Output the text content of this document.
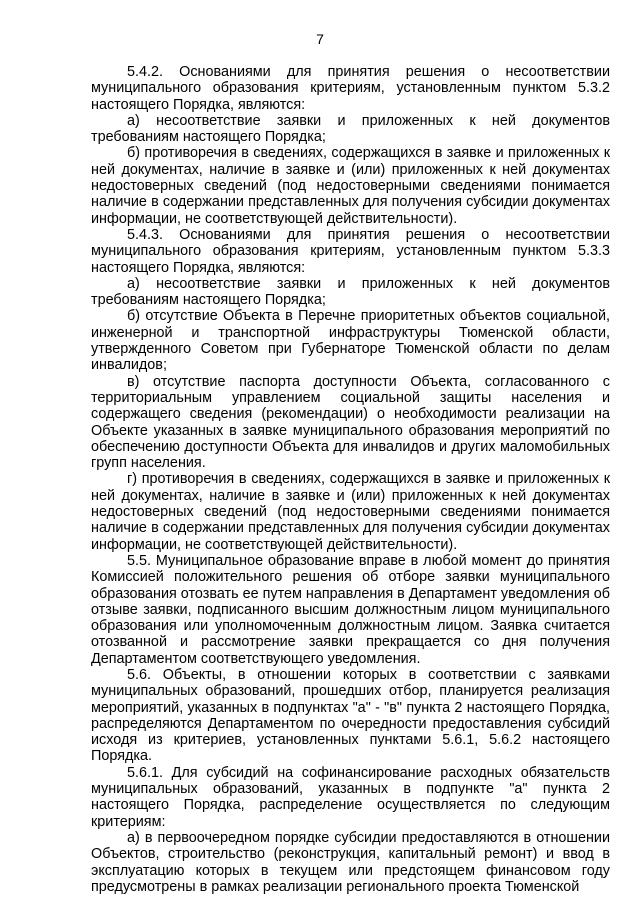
7

5.4.2. Основаниями для принятия решения о несоответствии муниципального образования критериям, установленным пунктом 5.3.2 настоящего Порядка, являются:

а) несоответствие заявки и приложенных к ней документов требованиям настоящего Порядка;

б) противоречия в сведениях, содержащихся в заявке и приложенных к ней документах, наличие в заявке и (или) приложенных к ней документах недостоверных сведений (под недостоверными сведениями понимается наличие в содержании представленных для получения субсидии документах информации, не соответствующей действительности).

5.4.3. Основаниями для принятия решения о несоответствии муниципального образования критериям, установленным пунктом 5.3.3 настоящего Порядка, являются:

а) несоответствие заявки и приложенных к ней документов требованиям настоящего Порядка;

б) отсутствие Объекта в Перечне приоритетных объектов социальной, инженерной и транспортной инфраструктуры Тюменской области, утвержденного Советом при Губернаторе Тюменской области по делам инвалидов;

в) отсутствие паспорта доступности Объекта, согласованного с территориальным управлением социальной защиты населения и содержащего сведения (рекомендации) о необходимости реализации на Объекте указанных в заявке муниципального образования мероприятий по обеспечению доступности Объекта для инвалидов и других маломобильных групп населения.

г) противоречия в сведениях, содержащихся в заявке и приложенных к ней документах, наличие в заявке и (или) приложенных к ней документах недостоверных сведений (под недостоверными сведениями понимается наличие в содержании представленных для получения субсидии документах информации, не соответствующей действительности).

5.5. Муниципальное образование вправе в любой момент до принятия Комиссией положительного решения об отборе заявки муниципального образования отозвать ее путем направления в Департамент уведомления об отзыве заявки, подписанного высшим должностным лицом муниципального образования или уполномоченным должностным лицом. Заявка считается отозванной и рассмотрение заявки прекращается со дня получения Департаментом соответствующего уведомления.

5.6. Объекты, в отношении которых в соответствии с заявками муниципальных образований, прошедших отбор, планируется реализация мероприятий, указанных в подпунктах "а" - "в" пункта 2 настоящего Порядка, распределяются Департаментом по очередности предоставления субсидий исходя из критериев, установленных пунктами 5.6.1, 5.6.2 настоящего Порядка.

5.6.1. Для субсидий на софинансирование расходных обязательств муниципальных образований, указанных в подпункте "а" пункта 2 настоящего Порядка, распределение осуществляется по следующим критериям:

а) в первоочередном порядке субсидии предоставляются в отношении Объектов, строительство (реконструкция, капитальный ремонт) и ввод в эксплуатацию которых в текущем или предстоящем финансовом году предусмотрены в рамках реализации регионального проекта Тюменской
